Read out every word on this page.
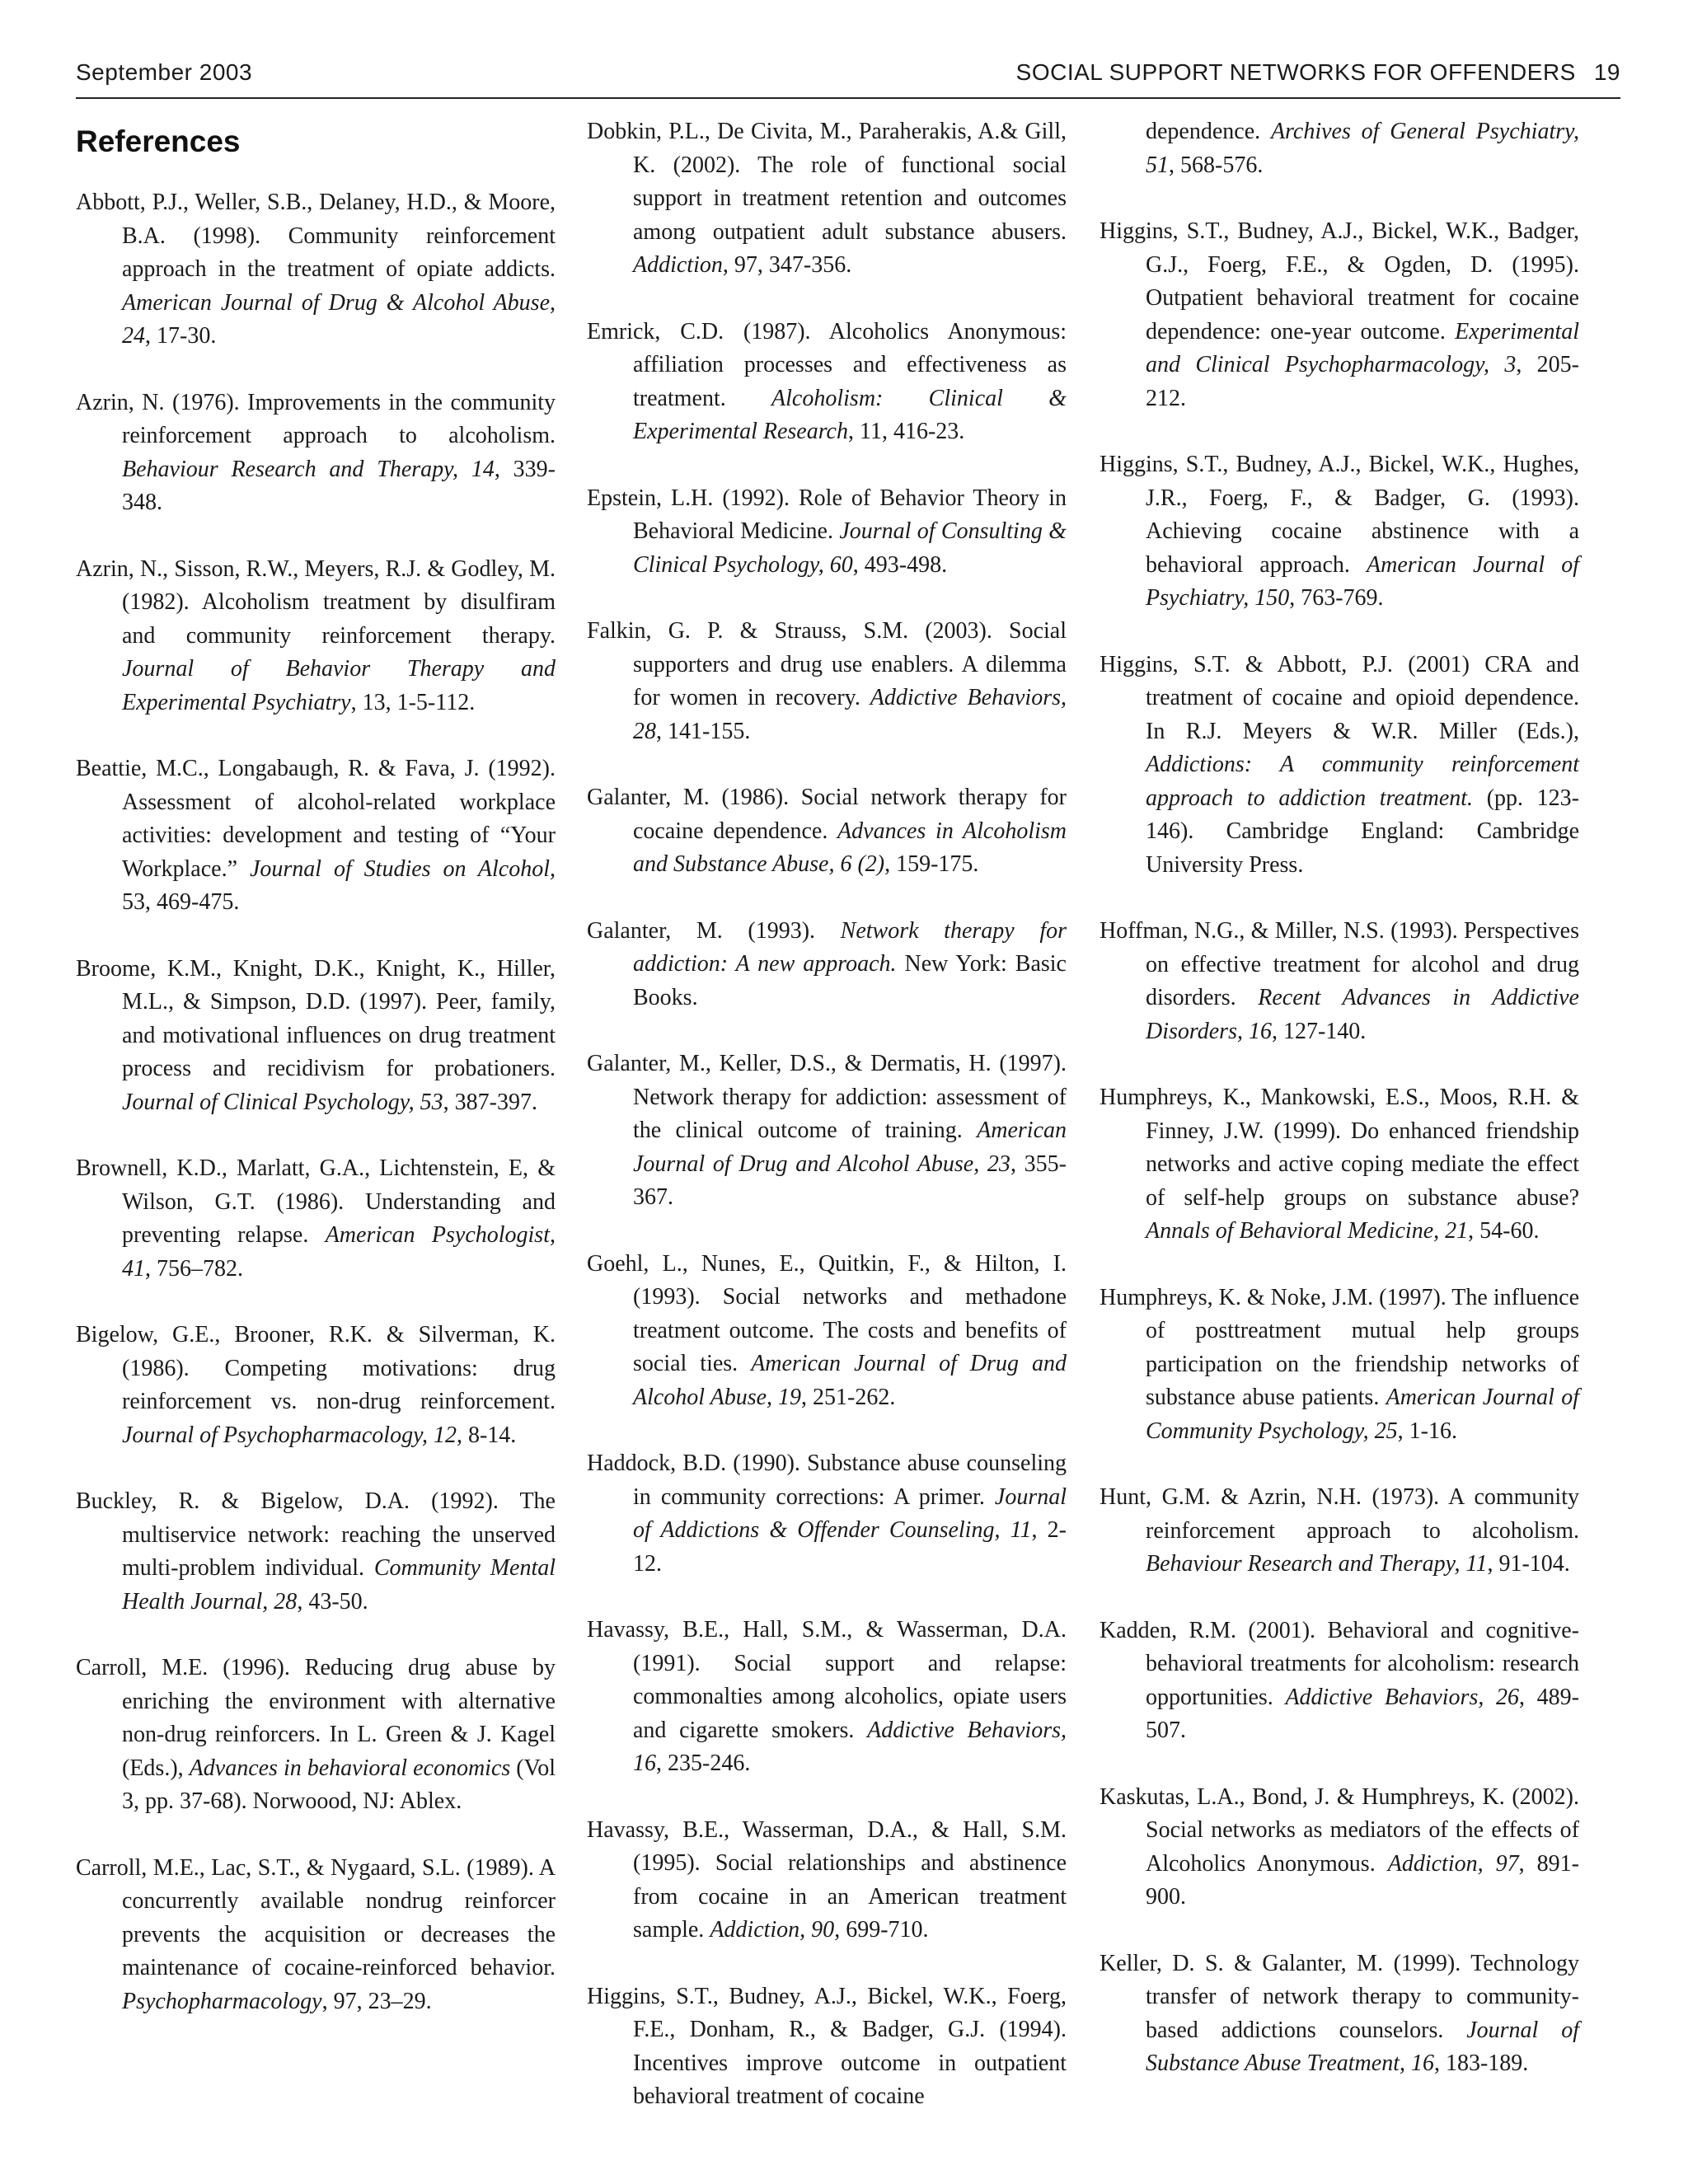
September 2003	SOCIAL SUPPORT NETWORKS FOR OFFENDERS 19
References

Abbott, P.J., Weller, S.B., Delaney, H.D., & Moore, B.A. (1998). Community reinforcement approach in the treatment of opiate addicts. American Journal of Drug & Alcohol Abuse, 24, 17-30.

Azrin, N. (1976). Improvements in the community reinforcement approach to alcoholism. Behaviour Research and Therapy, 14, 339-348.

Azrin, N., Sisson, R.W., Meyers, R.J. & Godley, M. (1982). Alcoholism treatment by disulfiram and community reinforcement therapy. Journal of Behavior Therapy and Experimental Psychiatry, 13, 1-5-112.

Beattie, M.C., Longabaugh, R. & Fava, J. (1992). Assessment of alcohol-related workplace activities: development and testing of “Your Workplace.” Journal of Studies on Alcohol, 53, 469-475.

Broome, K.M., Knight, D.K., Knight, K., Hiller, M.L., & Simpson, D.D. (1997). Peer, family, and motivational influences on drug treatment process and recidivism for probationers. Journal of Clinical Psychology, 53, 387-397.

Brownell, K.D., Marlatt, G.A., Lichtenstein, E, & Wilson, G.T. (1986). Understanding and preventing relapse. American Psychologist, 41, 756–782.

Bigelow, G.E., Brooner, R.K. & Silverman, K. (1986). Competing motivations: drug reinforcement vs. non-drug reinforcement. Journal of Psychopharmacology, 12, 8-14.

Buckley, R. & Bigelow, D.A. (1992). The multiservice network: reaching the unserved multi-problem individual. Community Mental Health Journal, 28, 43-50.

Carroll, M.E. (1996). Reducing drug abuse by enriching the environment with alternative non-drug reinforcers. In L. Green & J. Kagel (Eds.), Advances in behavioral economics (Vol 3, pp. 37-68). Norwoood, NJ: Ablex.

Carroll, M.E., Lac, S.T., & Nygaard, S.L. (1989). A concurrently available nondrug reinforcer prevents the acquisition or decreases the maintenance of cocaine-reinforced behavior. Psychopharmacology, 97, 23–29.

Dobkin, P.L., De Civita, M., Paraherakis, A.& Gill, K. (2002). The role of functional social support in treatment retention and outcomes among outpatient adult substance abusers. Addiction, 97, 347-356.

Emrick, C.D. (1987). Alcoholics Anonymous: affiliation processes and effectiveness as treatment. Alcoholism: Clinical & Experimental Research, 11, 416-23.

Epstein, L.H. (1992). Role of Behavior Theory in Behavioral Medicine. Journal of Consulting & Clinical Psychology, 60, 493-498.

Falkin, G. P. & Strauss, S.M. (2003). Social supporters and drug use enablers. A dilemma for women in recovery. Addictive Behaviors, 28, 141-155.

Galanter, M. (1986). Social network therapy for cocaine dependence. Advances in Alcoholism and Substance Abuse, 6 (2), 159-175.

Galanter, M. (1993). Network therapy for addiction: A new approach. New York: Basic Books.

Galanter, M., Keller, D.S., & Dermatis, H. (1997). Network therapy for addiction: assessment of the clinical outcome of training. American Journal of Drug and Alcohol Abuse, 23, 355-367.

Goehl, L., Nunes, E., Quitkin, F., & Hilton, I. (1993). Social networks and methadone treatment outcome. The costs and benefits of social ties. American Journal of Drug and Alcohol Abuse, 19, 251-262.

Haddock, B.D. (1990). Substance abuse counseling in community corrections: A primer. Journal of Addictions & Offender Counseling, 11, 2-12.

Havassy, B.E., Hall, S.M., & Wasserman, D.A. (1991). Social support and relapse: commonalties among alcoholics, opiate users and cigarette smokers. Addictive Behaviors, 16, 235-246.

Havassy, B.E., Wasserman, D.A., & Hall, S.M. (1995). Social relationships and abstinence from cocaine in an American treatment sample. Addiction, 90, 699-710.

Higgins, S.T., Budney, A.J., Bickel, W.K., Foerg, F.E., Donham, R., & Badger, G.J. (1994). Incentives improve outcome in outpatient behavioral treatment of cocaine

dependence. Archives of General Psychiatry, 51, 568-576.

Higgins, S.T., Budney, A.J., Bickel, W.K., Badger, G.J., Foerg, F.E., & Ogden, D. (1995). Outpatient behavioral treatment for cocaine dependence: one-year outcome. Experimental and Clinical Psychopharmacology, 3, 205-212.

Higgins, S.T., Budney, A.J., Bickel, W.K., Hughes, J.R., Foerg, F., & Badger, G. (1993). Achieving cocaine abstinence with a behavioral approach. American Journal of Psychiatry, 150, 763-769.

Higgins, S.T. & Abbott, P.J. (2001) CRA and treatment of cocaine and opioid dependence. In R.J. Meyers & W.R. Miller (Eds.), Addictions: A community reinforcement approach to addiction treatment. (pp. 123-146). Cambridge England: Cambridge University Press.

Hoffman, N.G., & Miller, N.S. (1993). Perspectives on effective treatment for alcohol and drug disorders. Recent Advances in Addictive Disorders, 16, 127-140.

Humphreys, K., Mankowski, E.S., Moos, R.H. & Finney, J.W. (1999). Do enhanced friendship networks and active coping mediate the effect of self-help groups on substance abuse? Annals of Behavioral Medicine, 21, 54-60.

Humphreys, K. & Noke, J.M. (1997). The influence of posttreatment mutual help groups participation on the friendship networks of substance abuse patients. American Journal of Community Psychology, 25, 1-16.

Hunt, G.M. & Azrin, N.H. (1973). A community reinforcement approach to alcoholism. Behaviour Research and Therapy, 11, 91-104.

Kadden, R.M. (2001). Behavioral and cognitive-behavioral treatments for alcoholism: research opportunities. Addictive Behaviors, 26, 489-507.

Kaskutas, L.A., Bond, J. & Humphreys, K. (2002). Social networks as mediators of the effects of Alcoholics Anonymous. Addiction, 97, 891-900.

Keller, D. S. & Galanter, M. (1999). Technology transfer of network therapy to community-based addictions counselors. Journal of Substance Abuse Treatment, 16, 183-189.
